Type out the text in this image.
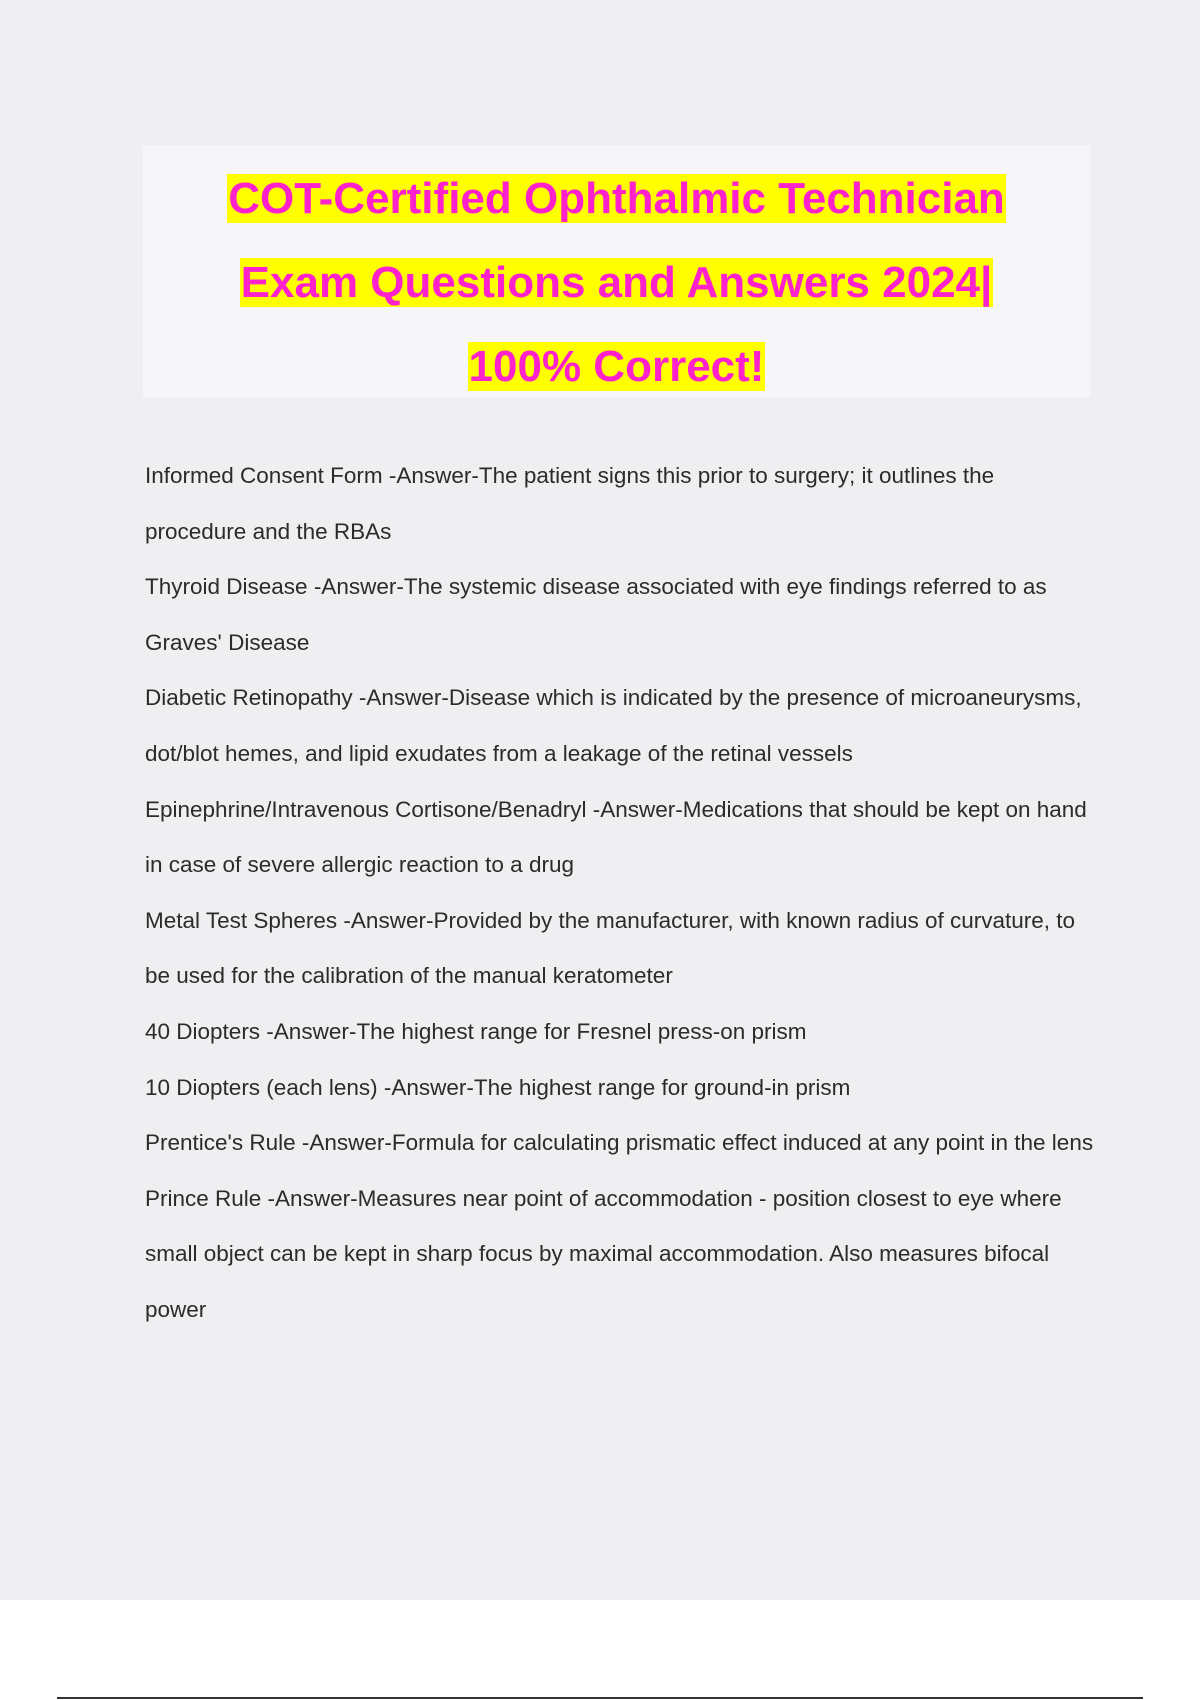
COT-Certified Ophthalmic Technician
Exam Questions and Answers 2024|
100% Correct!
Informed Consent Form -Answer-The patient signs this prior to surgery; it outlines the procedure and the RBAs
Thyroid Disease -Answer-The systemic disease associated with eye findings referred to as Graves' Disease
Diabetic Retinopathy -Answer-Disease which is indicated by the presence of microaneurysms, dot/blot hemes, and lipid exudates from a leakage of the retinal vessels
Epinephrine/Intravenous Cortisone/Benadryl -Answer-Medications that should be kept on hand in case of severe allergic reaction to a drug
Metal Test Spheres -Answer-Provided by the manufacturer, with known radius of curvature, to be used for the calibration of the manual keratometer
40 Diopters -Answer-The highest range for Fresnel press-on prism
10 Diopters (each lens) -Answer-The highest range for ground-in prism
Prentice's Rule -Answer-Formula for calculating prismatic effect induced at any point in the lens
Prince Rule -Answer-Measures near point of accommodation - position closest to eye where small object can be kept in sharp focus by maximal accommodation. Also measures bifocal power
